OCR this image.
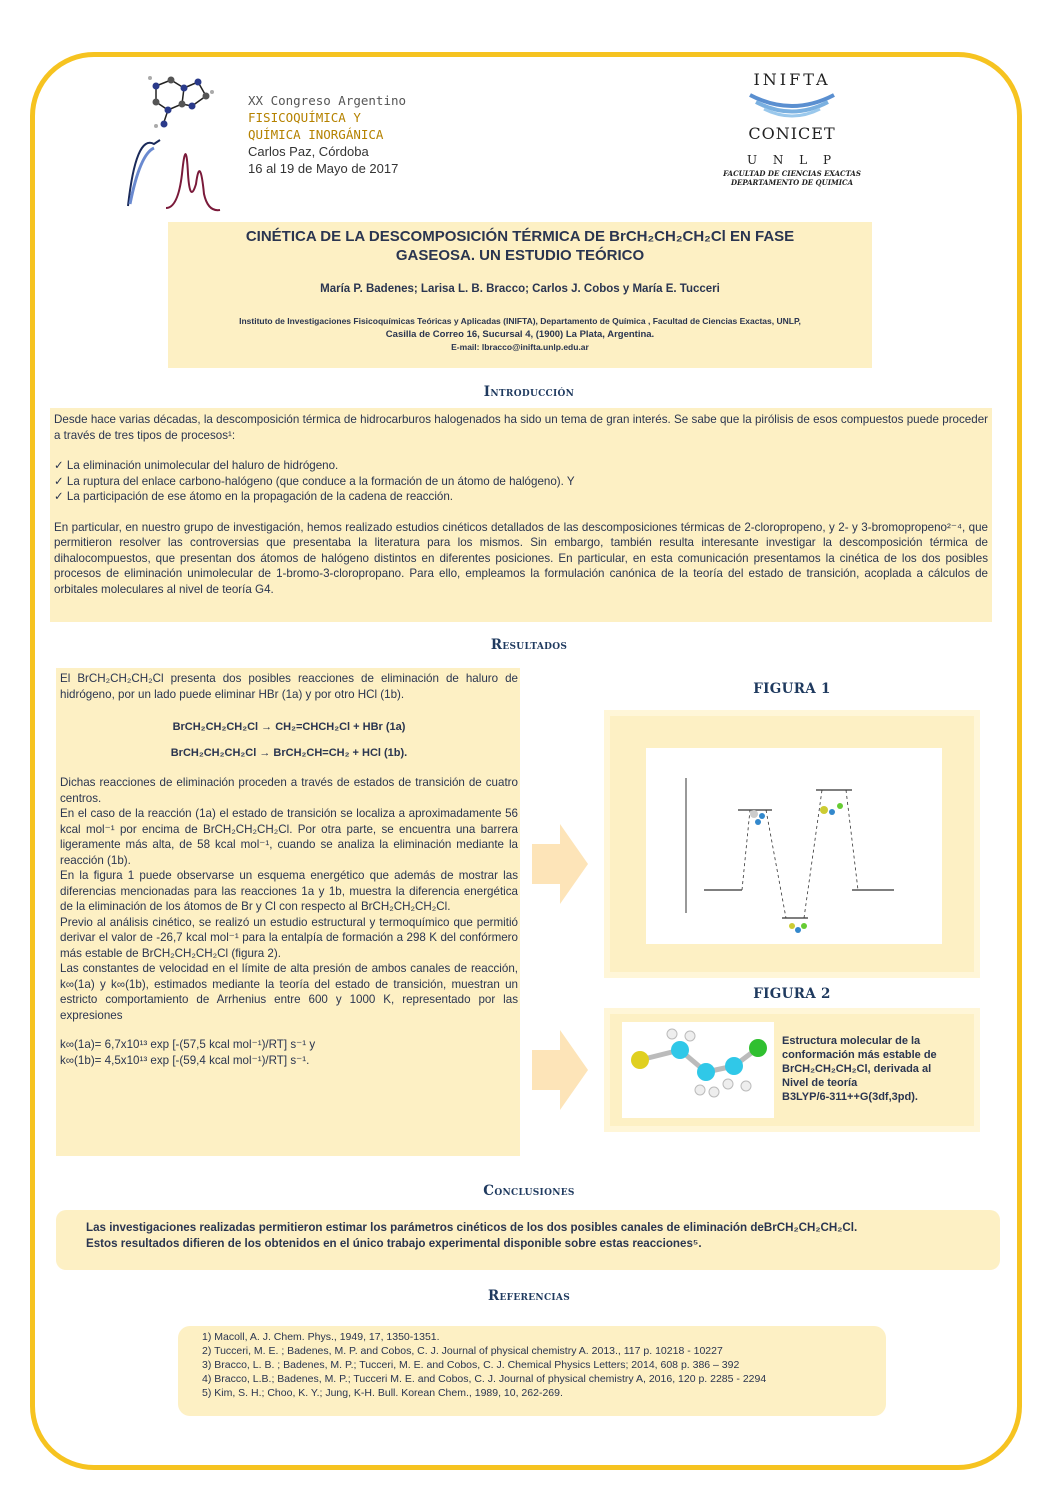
XX Congreso Argentino
FISICOQUÍMICA Y
QUÍMICA INORGÁNICA
Carlos Paz, Córdoba
16 al 19 de Mayo de 2017
INIFTA
CONICET
U N L P
FACULTAD DE CIENCIAS EXACTAS
DEPARTAMENTO DE QUIMICA
CINÉTICA DE LA DESCOMPOSICIÓN TÉRMICA DE BrCH₂CH₂CH₂Cl EN FASE
GASEOSA. UN ESTUDIO TEÓRICO
María P. Badenes; Larisa L. B. Bracco; Carlos J. Cobos y María E. Tucceri
Instituto de Investigaciones Fisicoquímicas Teóricas y Aplicadas (INIFTA), Departamento de Química , Facultad de Ciencias Exactas, UNLP,
Casilla de Correo 16, Sucursal 4, (1900) La Plata, Argentina.
E-mail: lbracco@inifta.unlp.edu.ar
Introducción
Desde hace varias décadas, la descomposición térmica de hidrocarburos halogenados ha sido un tema de gran interés. Se sabe que la pirólisis de esos compuestos puede proceder a través de tres tipos de procesos¹:
✓ La eliminación unimolecular del haluro de hidrógeno.
✓ La ruptura del enlace carbono-halógeno (que conduce a la formación de un átomo de halógeno). Y
✓ La participación de ese átomo en la propagación de la cadena de reacción.
En particular, en nuestro grupo de investigación, hemos realizado estudios cinéticos detallados de las descomposiciones térmicas de 2-cloropropeno, y 2- y 3-bromopropeno²⁻⁴, que permitieron resolver las controversias que presentaba la literatura para los mismos. Sin embargo, también resulta interesante investigar la descomposición térmica de dihalocompuestos, que presentan dos átomos de halógeno distintos en diferentes posiciones. En particular, en esta comunicación presentamos la cinética de los dos posibles procesos de eliminación unimolecular de 1-bromo-3-cloropropano. Para ello, empleamos la formulación canónica de la teoría del estado de transición, acoplada a cálculos de orbitales moleculares al nivel de teoría G4.
Resultados
El BrCH₂CH₂CH₂Cl presenta dos posibles reacciones de eliminación de haluro de hidrógeno, por un lado puede eliminar HBr (1a) y por otro HCl (1b).
BrCH₂CH₂CH₂Cl → CH₂=CHCH₂Cl + HBr (1a)
BrCH₂CH₂CH₂Cl → BrCH₂CH=CH₂ + HCl (1b).
Dichas reacciones de eliminación proceden a través de estados de transición de cuatro centros.
En el caso de la reacción (1a) el estado de transición se localiza a aproximadamente 56 kcal mol⁻¹ por encima de BrCH₂CH₂CH₂Cl. Por otra parte, se encuentra una barrera ligeramente más alta, de 58 kcal mol⁻¹, cuando se analiza la eliminación mediante la reacción (1b).
En la figura 1 puede observarse un esquema energético que además de mostrar las diferencias mencionadas para las reacciones 1a y 1b, muestra la diferencia energética de la eliminación de los átomos de Br y Cl con respecto al BrCH₂CH₂CH₂Cl.
Previo al análisis cinético, se realizó un estudio estructural y termoquímico que permitió derivar el valor de -26,7 kcal mol⁻¹ para la entalpía de formación a 298 K del confórmero más estable de BrCH₂CH₂CH₂Cl (figura 2).
Las constantes de velocidad en el límite de alta presión de ambos canales de reacción, k∞(1a) y k∞(1b), estimados mediante la teoría del estado de transición, muestran un estricto comportamiento de Arrhenius entre 600 y 1000 K, representado por las expresiones
k∞(1a)= 6,7x10¹³ exp [-(57,5 kcal mol⁻¹)/RT] s⁻¹ y
k∞(1b)= 4,5x10¹³ exp [-(59,4 kcal mol⁻¹)/RT] s⁻¹.
FIGURA 1
FIGURA 2
Estructura molecular de la
conformación más estable de
BrCH₂CH₂CH₂Cl, derivada al
Nivel de teoría
B3LYP/6-311++G(3df,3pd).
Conclusiones
Las investigaciones realizadas permitieron estimar los parámetros cinéticos de los dos posibles canales de eliminación deBrCH₂CH₂CH₂Cl.
Estos resultados difieren de los obtenidos en el único trabajo experimental disponible sobre estas reacciones⁵.
Referencias
1) Macoll, A. J. Chem. Phys., 1949, 17, 1350-1351.
2) Tucceri, M. E. ; Badenes, M. P. and Cobos, C. J. Journal of physical chemistry A. 2013., 117 p. 10218 - 10227
3) Bracco, L. B. ; Badenes, M. P.; Tucceri, M. E. and Cobos, C. J. Chemical Physics Letters; 2014, 608 p. 386 – 392
4) Bracco, L.B.; Badenes, M. P.; Tucceri M. E. and Cobos, C. J. Journal of physical chemistry A, 2016, 120 p. 2285 - 2294
5) Kim, S. H.; Choo, K. Y.; Jung, K-H. Bull. Korean Chem., 1989, 10, 262-269.
